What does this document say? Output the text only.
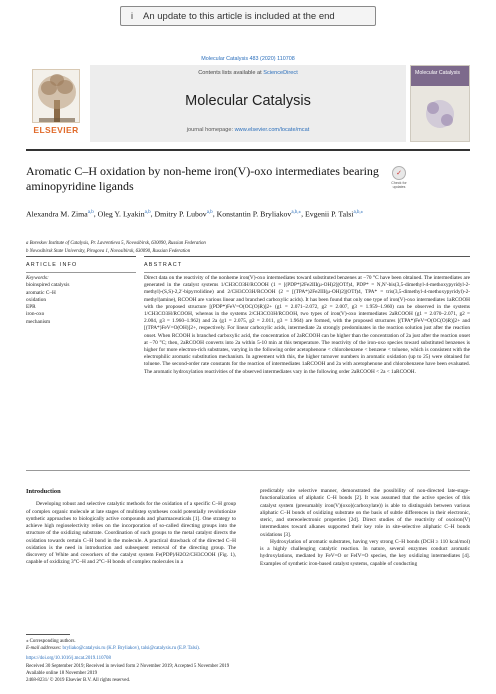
i	An update to this article is included at the end
Molecular Catalysis 483 (2020) 110708
ELSEVIER
Contents lists available at ScienceDirect
Molecular Catalysis
journal homepage: www.elsevier.com/locate/mcat
Molecular Catalysis
Aromatic C–H oxidation by non-heme iron(V)-oxo intermediates bearing aminopyridine ligands
✓
Check for updates
Alexandra M. Zima$^{a,b}$, Oleg Y. Lyakin$^{a,b}$, Dmitry P. Lubov$^{a,b}$, Konstantin P. Bryliakov$^{a,b,⁎}$, Evgenii P. Talsi$^{a,b,⁎}$
a Boreskov Institute of Catalysis, Pr. Lavrentieva 5, Novosibirsk, 630090, Russian Federation
b Novosibirsk State University, Pirogova 1, Novosibirsk, 630090, Russian Federation
ARTICLE INFO	ABSTRACT
Keywords:
bioinspired catalysis
aromatic C–H
oxidation
EPR
iron-oxo
mechanism
Direct data on the reactivity of the nonheme iron(V)-oxo intermediates toward substituted benzenes at −70 °C have been obtained. The intermediates are generated in the catalyst systems 1/CH3CO3H/RCOOH (1 = [(PDP*)2Fe2III(μ-OH)2](OTf)4, PDP* = N,N′-bis(3,5-dimethyl-4-methoxypyridyl-2-methyl)-(S,S)-2,2′-bipyrrolidine) and 2/CH3CO3H/RCOOH (2 = [(TPA*)2Fe2III(μ-OH)2](OTf)4, TPA* = tris(3,5-dimethyl-4-methoxypyridyl)-2-methyl)amine), RCOOH are various linear and branched carboxylic acids). It has been found that only one type of iron(V)-oxo intermediates 1aRCOOH with the proposed structure [(PDP*)FeV=O(OC(O)R)]2+ (g1 = 2.071–2.072, g2 = 2.007, g3 = 1.959–1.960) can be observed in the systems 1/CH3CO3H/RCOOH, whereas in the systems 2/CH3CO3H/RCOOH, two types of iron(V)-oxo intermediates 2aRCOOH (g1 = 2.070–2.071, g2 = 2.004, g3 = 1.960–1.962) and 2a (g1 = 2.075, g2 = 2.011, g3 = 1.964) are formed, with the proposed structures [(TPA*)FeV=O(OC(O)R)]2+ and [(TPA*)FeV=O(OH)]2+, respectively. For linear carboxylic acids, intermediate 2a strongly predominates in the reaction solution just after the reaction onset. When RCOOH is branched carboxylic acid, the concentration of 2aRCOOH can be higher than the concentration of 2a just after the reaction onset at −70 °C; then, 2aRCOOH converts into 2a within 5-10 min at this temperature. The reactivity of the iron-oxo species toward substituted benzenes is higher for more electron-rich substrates, varying in the following order acetophenone < chlorobenzene < benzene < toluene, which is consistent with the electrophilic aromatic substitution mechanism. In agreement with this, the higher turnover numbers in aromatic oxidation (up to 25) were obtained for toluene. The second-order rate constants for the reaction of intermediates 1aRCOOH and 2a with acetophenone and chlorobenzene have been evaluated. The aromatic hydroxylation reactivities of the observed intermediates vary in the following order 2aRCOOH < 2a < 1aRCOOH.
Introduction

Developing robust and selective catalytic methods for the oxidation of a specific C–H group of complex organic molecule at late stages of multistep syntheses could potentially revolutionize synthetic approaches to biologically active compounds and pharmaceuticals [1]. One strategy to achieve high regioselectivity relies on the incorporation of so-called directing groups into the structure of the oxidizing substrate. Coordination of such groups to the metal catalyst directs the oxidation towards certain C–H bond in the molecule. A practical drawback of the directed C–H oxidation is the need in introduction and subsequent removal of the directing group. The discovery of White and coworkers of the catalyst system Fe(PDP)/H2O2/CH3COOH (Fig. 1), capable of oxidizing 3°C–H and 2°C–H bonds of complex molecules in a

predictably site selective manner, demonstrated the possibility of non-directed late-stage-functionalization of aliphatic C–H bonds [2]. It was assumed that the active species of this catalyst system (presumably iron(V)(oxo)(carboxylate)) is able to distinguish between various aliphatic C–H bonds of oxidizing substrate on the basis of subtle differences in their electronic, steric, and stereoelectronic properties [2d]. Direct studies of the reactivity of oxoiron(V) intermediates toward alkanes supported their key role in site-selective aliphatic C–H bonds oxidations [3].

Hydroxylation of aromatic substrates, having very strong C–H bonds (DCH ≥ 110 kcal/mol) is a highly challenging catalytic reaction. In nature, several enzymes conduct aromatic hydroxylations, mediated by FeV=O or FeIV=O species, the key oxidizing intermediates [4]. Examples of synthetic iron-based catalyst systems, capable of conducting

⁎ Corresponding authors.
E-mail addresses: bryliako@catalysis.ru (K.P. Bryliakov), talsi@catalysis.ru (E.P. Talsi).
https://doi.org/10.1016/j.mcat.2019.110708
Received 30 September 2019; Received in revised form 2 November 2019; Accepted 5 November 2019
Available online 18 November 2019
2468-8231/ © 2019 Elsevier B.V. All rights reserved.
